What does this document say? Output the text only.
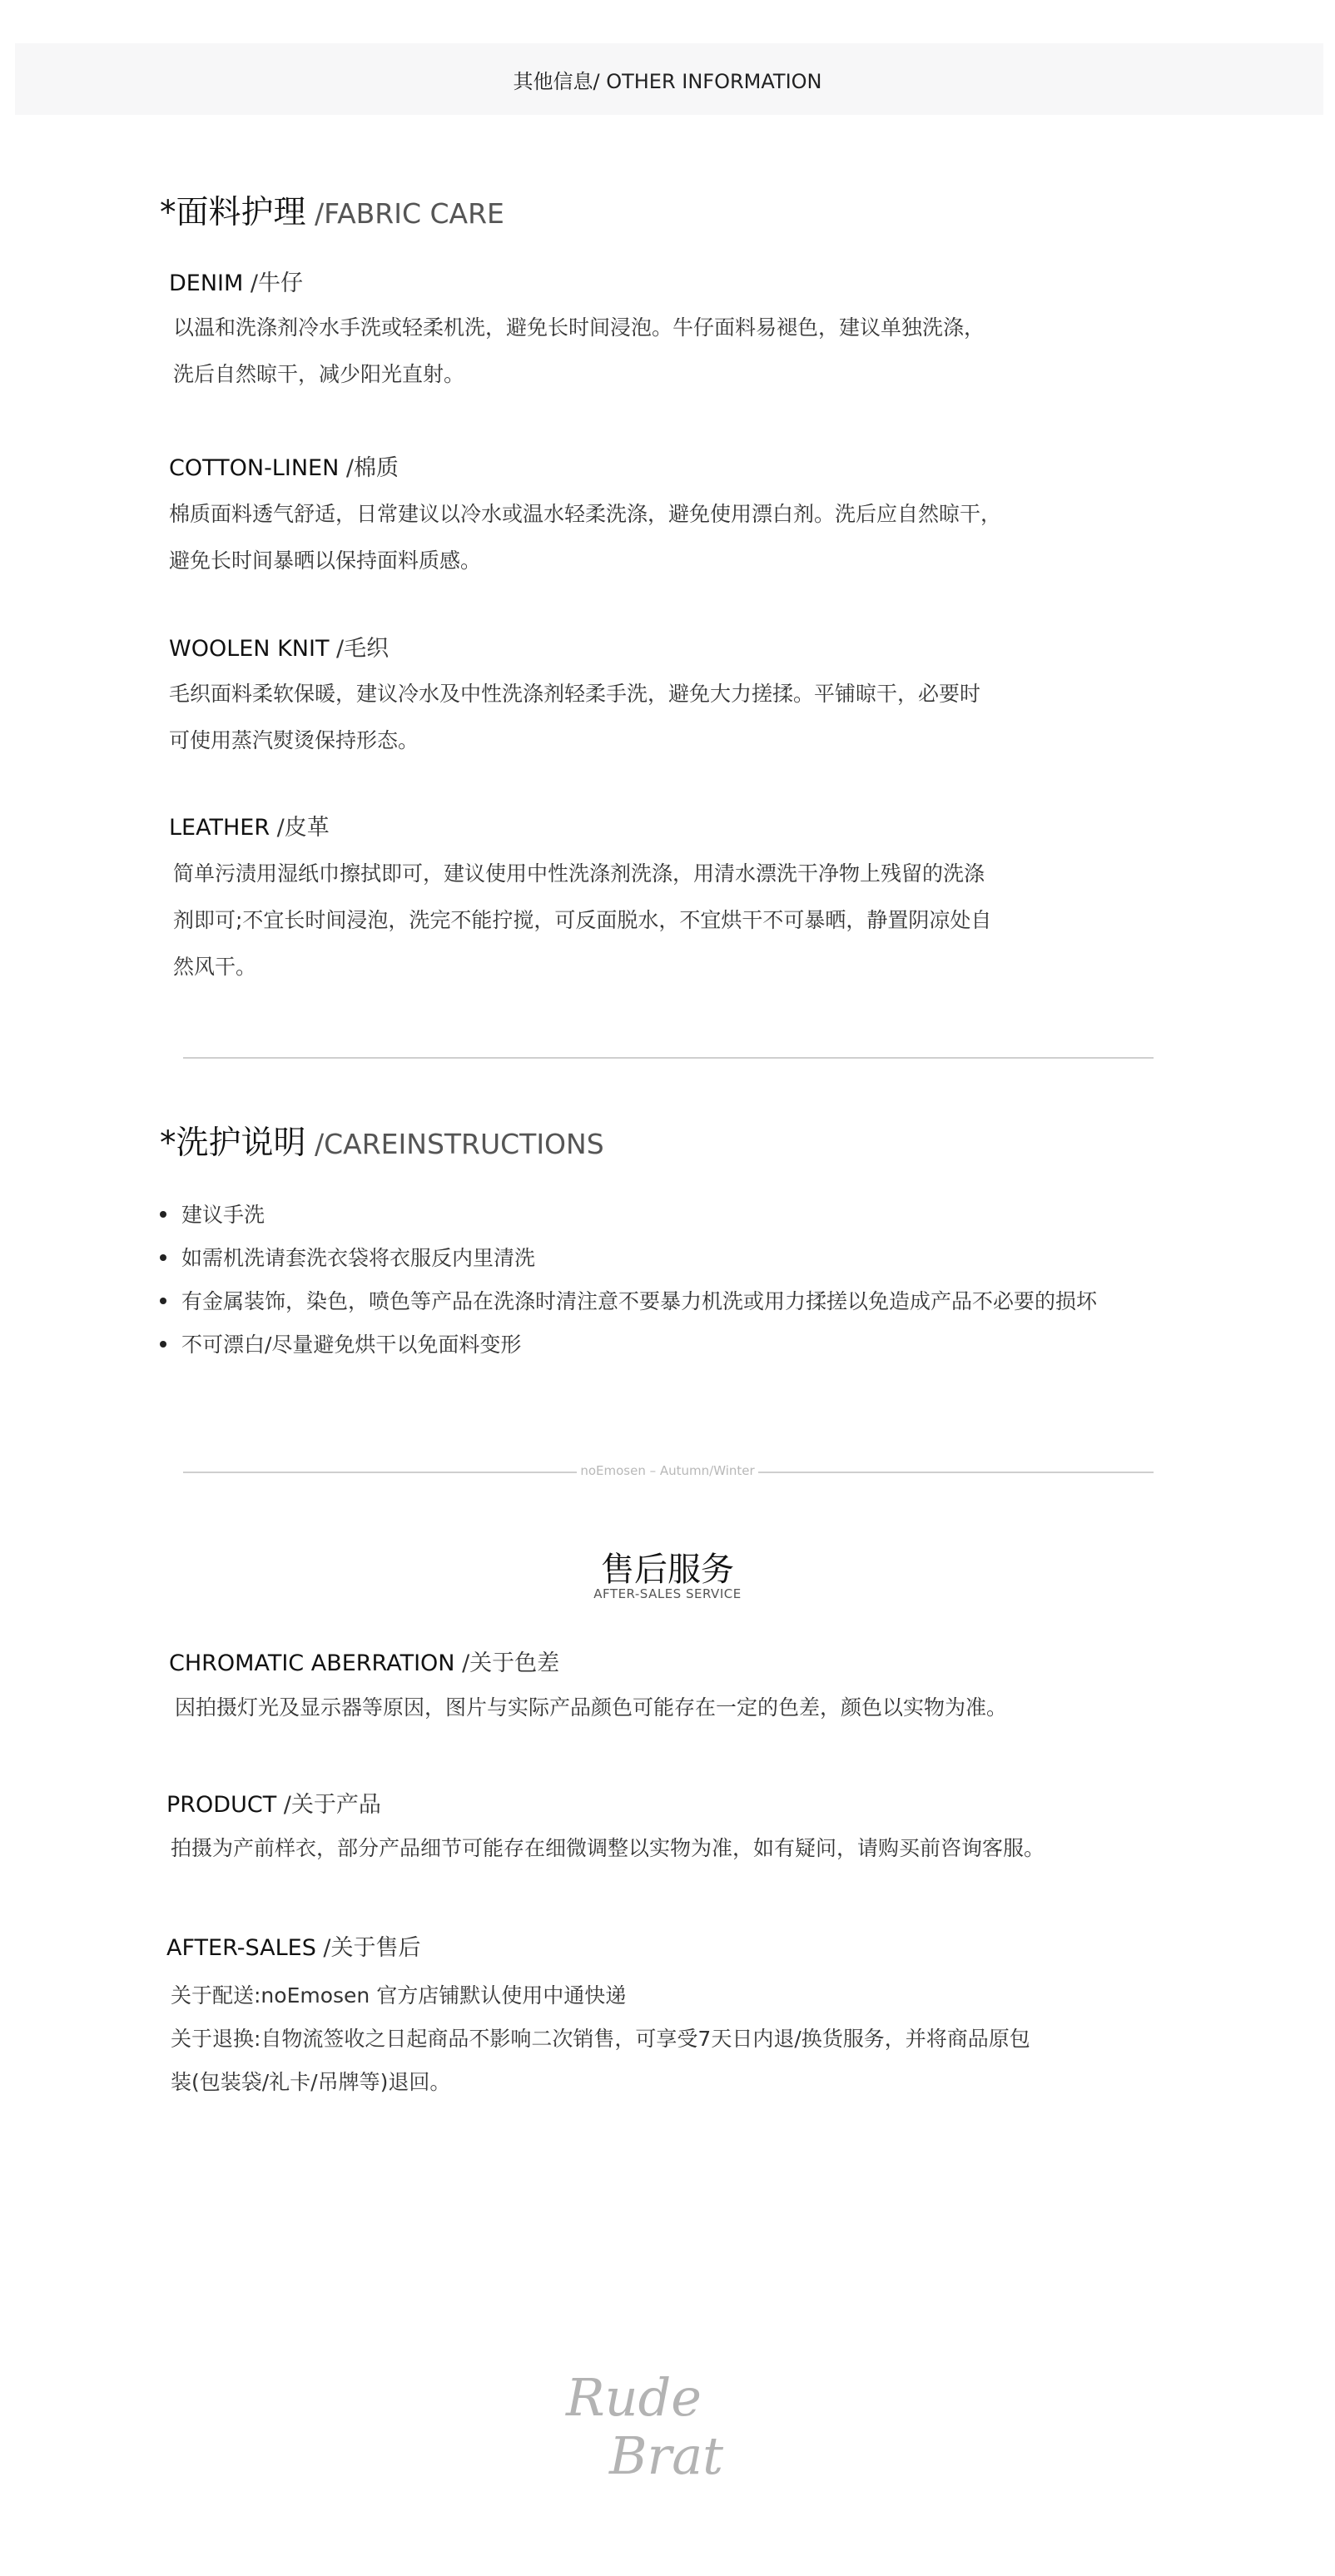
其他信息/ OTHER INFORMATION
*面料护理 /FABRIC CARE
DENIM /牛仔
以温和洗涤剂冷水手洗或轻柔机洗，避免长时间浸泡。牛仔面料易褪色，建议单独洗涤，
洗后自然晾干，减少阳光直射。
COTTON-LINEN /棉质
棉质面料透气舒适，日常建议以冷水或温水轻柔洗涤，避免使用漂白剂。洗后应自然晾干，
避免长时间暴晒以保持面料质感。
WOOLEN KNIT /毛织
毛织面料柔软保暖，建议冷水及中性洗涤剂轻柔手洗，避免大力搓揉。平铺晾干，必要时
可使用蒸汽熨烫保持形态。
LEATHER /皮革
简单污渍用湿纸巾擦拭即可，建议使用中性洗涤剂洗涤，用清水漂洗干净物上残留的洗涤
剂即可;不宜长时间浸泡，洗完不能拧搅，可反面脱水，不宜烘干不可暴晒，静置阴凉处自
然风干。
*洗护说明 /CAREINSTRUCTIONS
建议手洗
如需机洗请套洗衣袋将衣服反内里清洗
有金属装饰，染色，喷色等产品在洗涤时清注意不要暴力机洗或用力揉搓以免造成产品不必要的损坏
不可漂白/尽量避免烘干以免面料变形
noEmosen – Autumn/Winter
售后服务
AFTER-SALES SERVICE
CHROMATIC ABERRATION /关于色差
因拍摄灯光及显示器等原因，图片与实际产品颜色可能存在一定的色差，颜色以实物为准。
PRODUCT /关于产品
拍摄为产前样衣，部分产品细节可能存在细微调整以实物为准，如有疑问，请购买前咨询客服。
AFTER-SALES /关于售后
关于配送:noEmosen 官方店铺默认使用中通快递
关于退换:自物流签收之日起商品不影响二次销售，可享受7天日内退/换货服务，并将商品原包
装(包装袋/礼卡/吊牌等)退回。
Rude
Brat
